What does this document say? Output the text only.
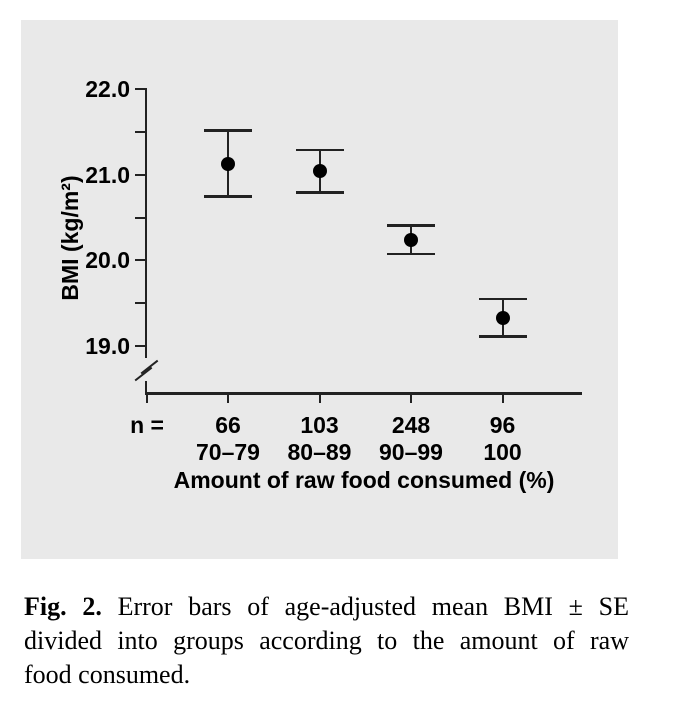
BMI (kg/m²)
Amount of raw food consumed (%)
n =
22.0
21.0
20.0
19.0
66
70–79
103
80–89
248
90–99
96
100
Fig. 2. Error bars of age-adjusted mean BMI ± SE
divided into groups according to the amount of raw
food consumed.
